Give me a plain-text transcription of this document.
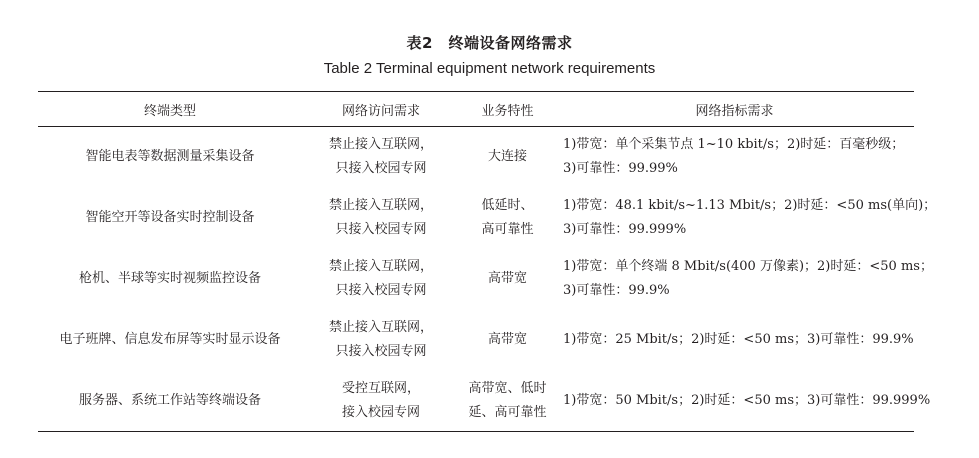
表2　终端设备网络需求
Table 2 Terminal equipment network requirements
终端类型	网络访问需求	业务特性	网络指标需求

智能电表等数据测量采集设备	禁止接入互联网，
只接入校园专网	大连接	1)带宽：单个采集节点 1~10 kbit/s；2)时延：百毫秒级；
3)可靠性：99.99%

智能空开等设备实时控制设备	禁止接入互联网，
只接入校园专网	低延时、
高可靠性	1)带宽：48.1 kbit/s~1.13 Mbit/s；2)时延：<50 ms(单向)；
3)可靠性：99.999%

枪机、半球等实时视频监控设备	禁止接入互联网，
只接入校园专网	高带宽	1)带宽：单个终端 8 Mbit/s(400 万像素)；2)时延：<50 ms；
3)可靠性：99.9%

电子班牌、信息发布屏等实时显示设备	禁止接入互联网，
只接入校园专网	高带宽	1)带宽：25 Mbit/s；2)时延：<50 ms；3)可靠性：99.9%

服务器、系统工作站等终端设备	受控互联网，
接入校园专网	高带宽、低时
延、高可靠性	1)带宽：50 Mbit/s；2)时延：<50 ms；3)可靠性：99.999%
